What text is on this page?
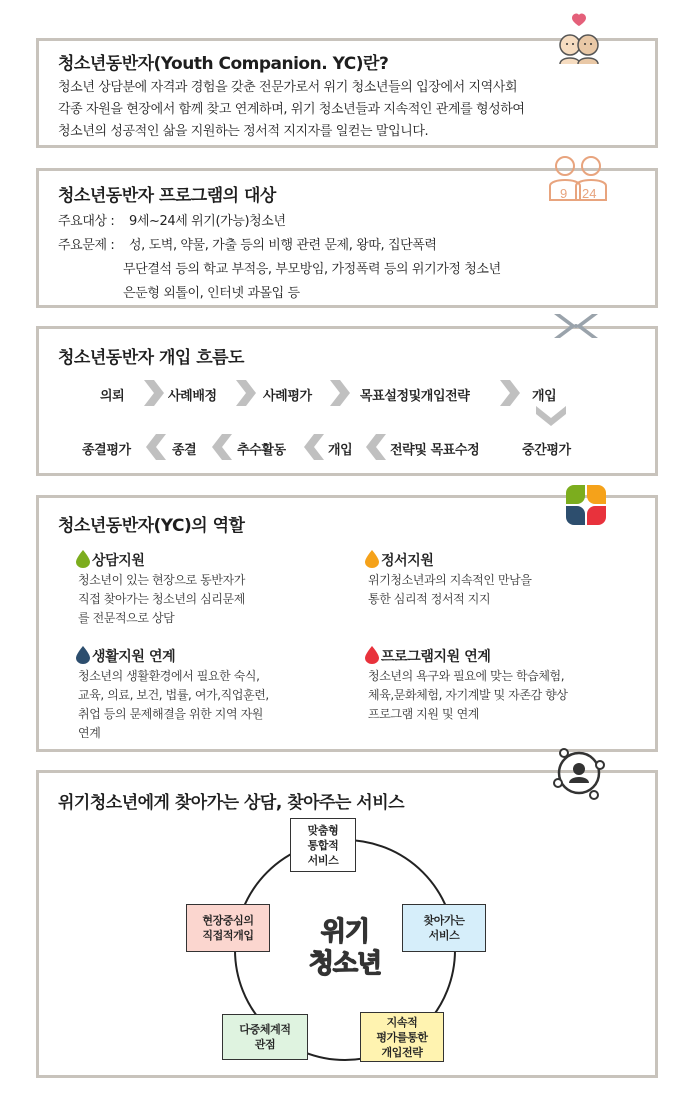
청소년동반자(Youth Companion. YC)란?
청소년 상담분에 자격과 경험을 갖춘 전문가로서 위기 청소년들의 입장에서 지역사회
각종 자원을 현장에서 함께 찾고 연계하며, 위기 청소년들과 지속적인 관계를 형성하여
청소년의 성공적인 삶을 지원하는 정서적 지지자를 일컫는 말입니다.
청소년동반자 프로그램의 대상
주요대상 : 9세~24세 위기(가능)청소년
주요문제 : 성, 도벽, 약물, 가출 등의 비행 관련 문제, 왕따, 집단폭력
무단결석 등의 학교 부적응, 부모방임, 가정폭력 등의 위기가정 청소년
은둔형 외톨이, 인터넷 과몰입 등
9 24
청소년동반자 개입 흐름도
의뢰	사례배정	사례평가	목표설정및개입전략	개입
종결평가	종결	추수활동	개입	전략및 목표수정	중간평가
청소년동반자(YC)의 역할
상담지원
청소년이 있는 현장으로 동반자가
직접 찾아가는 청소년의 심리문제
를 전문적으로 상담
정서지원
위기청소년과의 지속적인 만남을
통한 심리적 정서적 지지
생활지원 연계
청소년의 생활환경에서 필요한 숙식,
교육, 의료, 보건, 법률, 여가,직업훈련,
취업 등의 문제해결을 위한 지역 자원
연계
프로그램지원 연계
청소년의 욕구와 필요에 맞는 학습체험,
체육,문화체험, 자기계발 및 자존감 향상
프로그램 지원 및 연계
위기청소년에게 찾아가는 상담, 찾아주는 서비스
위기
청소년
맞춤형
통합적
서비스
찾아가는
서비스
지속적
평가를통한
개입전략
다중체계적
관점
현장중심의
직접적개입
